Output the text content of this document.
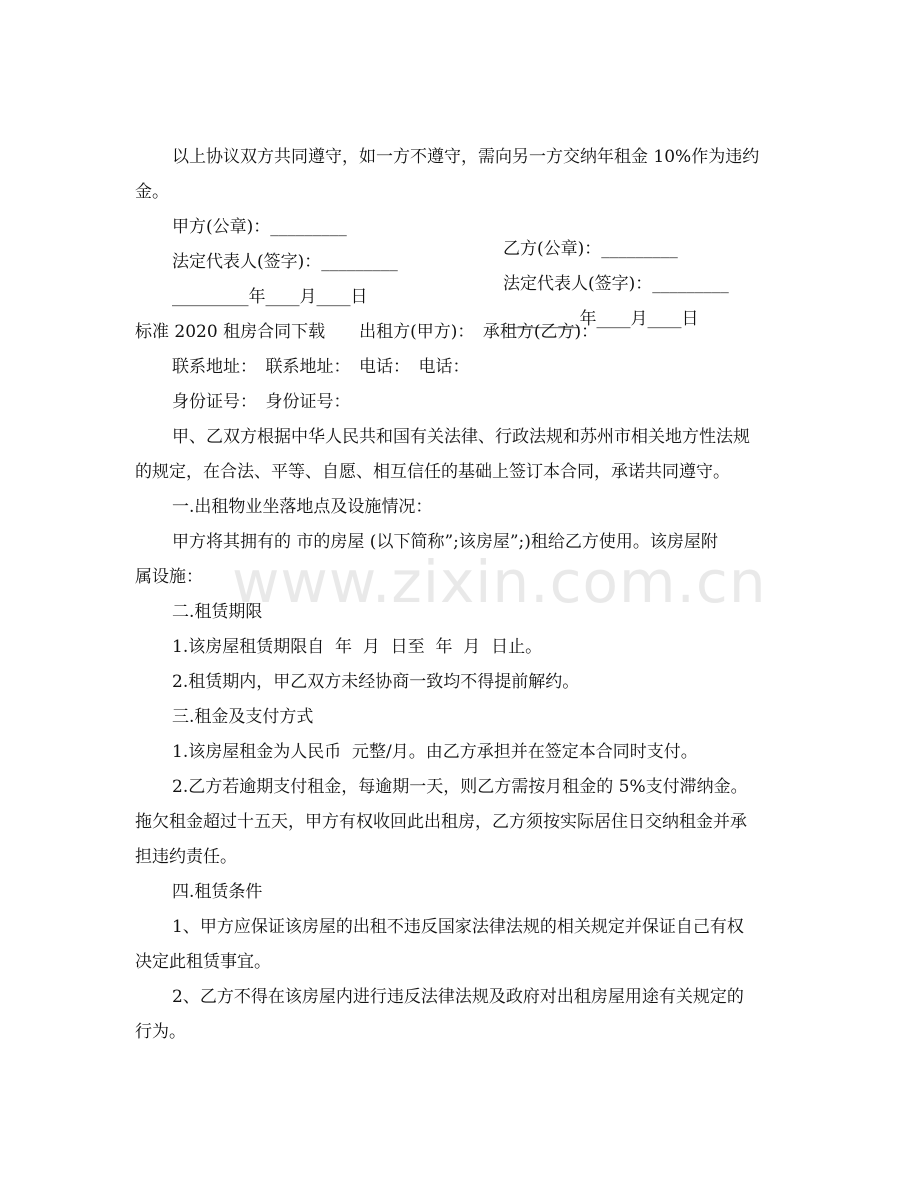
www.zixin.com.cn

以上协议双方共同遵守，如一方不遵守，需向另一方交纳年租金 10%作为违约

金。

甲方(公章)：_________

乙方(公章)：_________

法定代表人(签字)：_________

法定代表人(签字)：_________

_________年____月____日

_________年____月____日

标准 2020 租房合同下载　　出租方(甲方)：　承租方(乙方)：

联系地址：　联系地址：　电话：　电话：

身份证号：　身份证号：

甲、乙双方根据中华人民共和国有关法律、行政法规和苏州市相关地方性法规

的规定，在合法、平等、自愿、相互信任的基础上签订本合同，承诺共同遵守。

一.出租物业坐落地点及设施情况：

甲方将其拥有的 市的房屋 (以下简称”;该房屋”;)租给乙方使用。该房屋附

属设施：

二.租赁期限

1.该房屋租赁期限自  年  月  日至  年  月  日止。

2.租赁期内，甲乙双方未经协商一致均不得提前解约。

三.租金及支付方式

1.该房屋租金为人民币  元整/月。由乙方承担并在签定本合同时支付。

2.乙方若逾期支付租金，每逾期一天，则乙方需按月租金的 5%支付滞纳金。

拖欠租金超过十五天，甲方有权收回此出租房，乙方须按实际居住日交纳租金并承

担违约责任。

四.租赁条件

1、甲方应保证该房屋的出租不违反国家法律法规的相关规定并保证自己有权

决定此租赁事宜。

2、乙方不得在该房屋内进行违反法律法规及政府对出租房屋用途有关规定的

行为。
